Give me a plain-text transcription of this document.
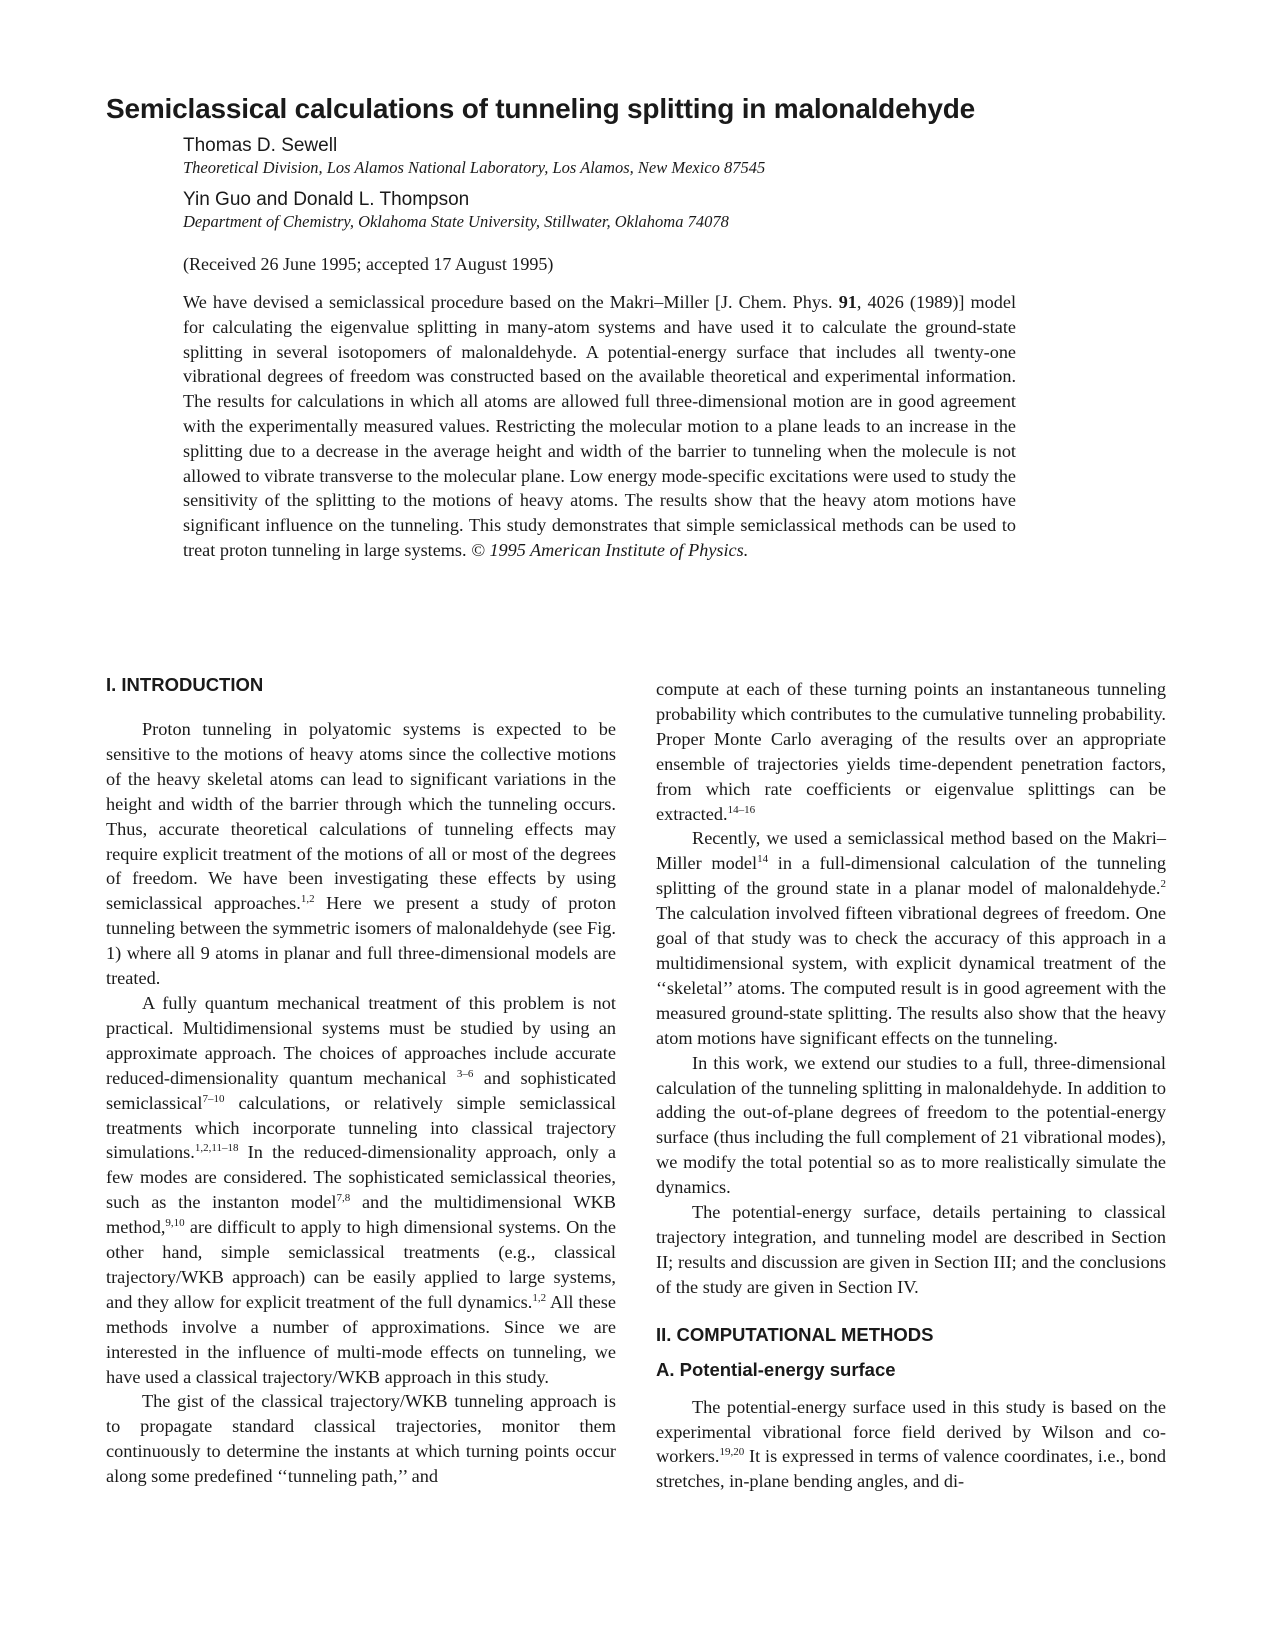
Semiclassical calculations of tunneling splitting in malonaldehyde
Thomas D. Sewell
Theoretical Division, Los Alamos National Laboratory, Los Alamos, New Mexico 87545
Yin Guo and Donald L. Thompson
Department of Chemistry, Oklahoma State University, Stillwater, Oklahoma 74078
(Received 26 June 1995; accepted 17 August 1995)
We have devised a semiclassical procedure based on the Makri–Miller [J. Chem. Phys. 91, 4026 (1989)] model for calculating the eigenvalue splitting in many-atom systems and have used it to calculate the ground-state splitting in several isotopomers of malonaldehyde. A potential-energy surface that includes all twenty-one vibrational degrees of freedom was constructed based on the available theoretical and experimental information. The results for calculations in which all atoms are allowed full three-dimensional motion are in good agreement with the experimentally measured values. Restricting the molecular motion to a plane leads to an increase in the splitting due to a decrease in the average height and width of the barrier to tunneling when the molecule is not allowed to vibrate transverse to the molecular plane. Low energy mode-specific excitations were used to study the sensitivity of the splitting to the motions of heavy atoms. The results show that the heavy atom motions have significant influence on the tunneling. This study demonstrates that simple semiclassical methods can be used to treat proton tunneling in large systems. © 1995 American Institute of Physics.
I. INTRODUCTION

Proton tunneling in polyatomic systems is expected to be sensitive to the motions of heavy atoms since the collective motions of the heavy skeletal atoms can lead to significant variations in the height and width of the barrier through which the tunneling occurs. Thus, accurate theoretical calculations of tunneling effects may require explicit treatment of the motions of all or most of the degrees of freedom. We have been investigating these effects by using semiclassical approaches.$^{1,2}$ Here we present a study of proton tunneling between the symmetric isomers of malonaldehyde (see Fig. 1) where all 9 atoms in planar and full three-dimensional models are treated.

A fully quantum mechanical treatment of this problem is not practical. Multidimensional systems must be studied by using an approximate approach. The choices of approaches include accurate reduced-dimensionality quantum mechanical $^{3-6}$ and sophisticated semiclassical$^{7-10}$ calculations, or relatively simple semiclassical treatments which incorporate tunneling into classical trajectory simulations.$^{1,2,11-18}$ In the reduced-dimensionality approach, only a few modes are considered. The sophisticated semiclassical theories, such as the instanton model$^{7,8}$ and the multidimensional WKB method,$^{9,10}$ are difficult to apply to high dimensional systems. On the other hand, simple semiclassical treatments (e.g., classical trajectory/WKB approach) can be easily applied to large systems, and they allow for explicit treatment of the full dynamics.$^{1,2}$ All these methods involve a number of approximations. Since we are interested in the influence of multi-mode effects on tunneling, we have used a classical trajectory/WKB approach in this study.

The gist of the classical trajectory/WKB tunneling approach is to propagate standard classical trajectories, monitor them continuously to determine the instants at which turning points occur along some predefined ‘‘tunneling path,’’ and

compute at each of these turning points an instantaneous tunneling probability which contributes to the cumulative tunneling probability. Proper Monte Carlo averaging of the results over an appropriate ensemble of trajectories yields time-dependent penetration factors, from which rate coefficients or eigenvalue splittings can be extracted.$^{14-16}$

Recently, we used a semiclassical method based on the Makri–Miller model$^{14}$ in a full-dimensional calculation of the tunneling splitting of the ground state in a planar model of malonaldehyde.$^2$ The calculation involved fifteen vibrational degrees of freedom. One goal of that study was to check the accuracy of this approach in a multidimensional system, with explicit dynamical treatment of the ‘‘skeletal’’ atoms. The computed result is in good agreement with the measured ground-state splitting. The results also show that the heavy atom motions have significant effects on the tunneling.

In this work, we extend our studies to a full, three-dimensional calculation of the tunneling splitting in malonaldehyde. In addition to adding the out-of-plane degrees of freedom to the potential-energy surface (thus including the full complement of 21 vibrational modes), we modify the total potential so as to more realistically simulate the dynamics.

The potential-energy surface, details pertaining to classical trajectory integration, and tunneling model are described in Section II; results and discussion are given in Section III; and the conclusions of the study are given in Section IV.

II. COMPUTATIONAL METHODS
A. Potential-energy surface

The potential-energy surface used in this study is based on the experimental vibrational force field derived by Wilson and co-workers.$^{19,20}$ It is expressed in terms of valence coordinates, i.e., bond stretches, in-plane bending angles, and di-
